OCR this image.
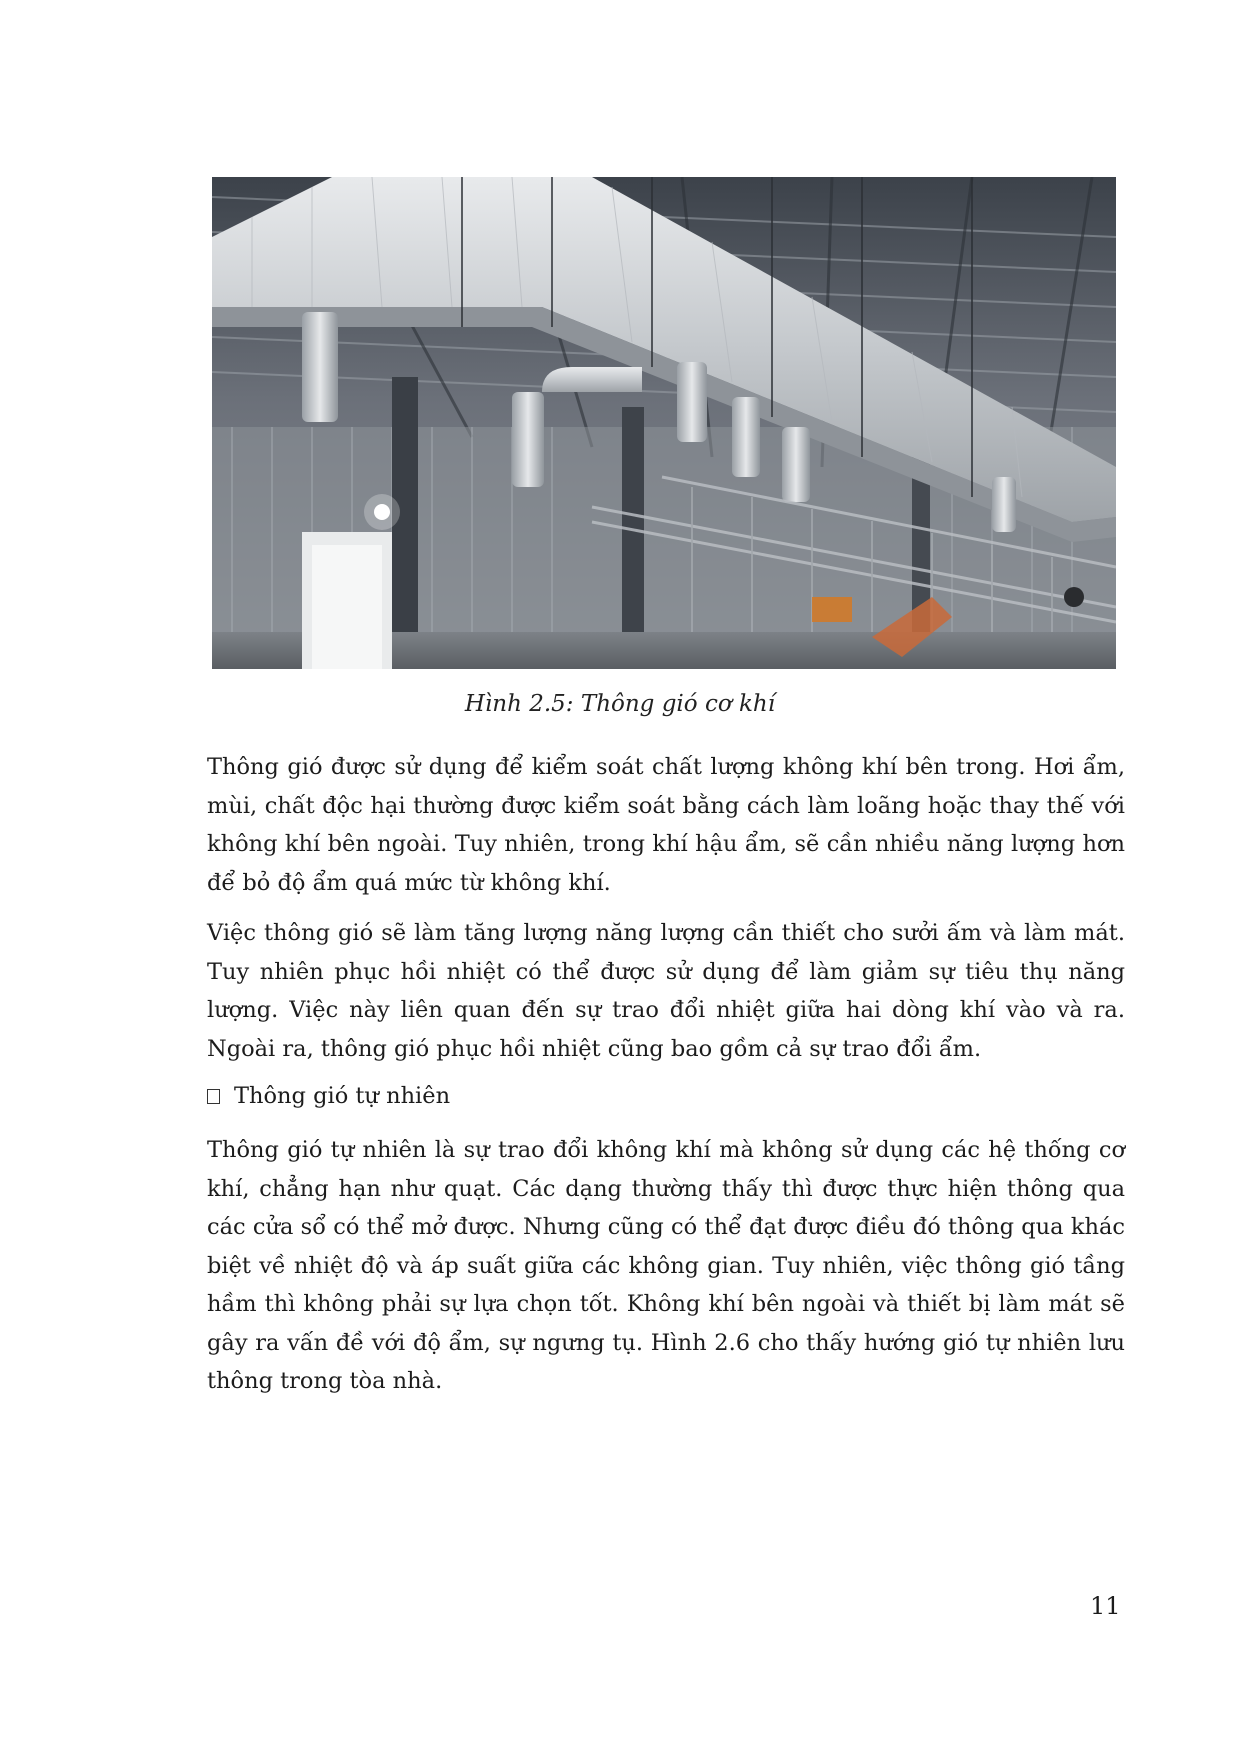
Hình 2.5: Thông gió cơ khí

Thông gió được sử dụng để kiểm soát chất lượng không khí bên trong. Hơi ẩm, mùi, chất độc hại thường được kiểm soát bằng cách làm loãng hoặc thay thế với không khí bên ngoài. Tuy nhiên, trong khí hậu ẩm, sẽ cần nhiều năng lượng hơn để bỏ độ ẩm quá mức từ không khí.

Việc thông gió sẽ làm tăng lượng năng lượng cần thiết cho sưởi ấm và làm mát. Tuy nhiên phục hồi nhiệt có thể được sử dụng để làm giảm sự tiêu thụ năng lượng. Việc này liên quan đến sự trao đổi nhiệt giữa hai dòng khí vào và ra. Ngoài ra, thông gió phục hồi nhiệt cũng bao gồm cả sự trao đổi ẩm.

Thông gió tự nhiên

Thông gió tự nhiên là sự trao đổi không khí mà không sử dụng các hệ thống cơ khí, chẳng hạn như quạt. Các dạng thường thấy thì được thực hiện thông qua các cửa sổ có thể mở được. Nhưng cũng có thể đạt được điều đó thông qua khác biệt về nhiệt độ và áp suất giữa các không gian. Tuy nhiên, việc thông gió tầng hầm thì không phải sự lựa chọn tốt. Không khí bên ngoài và thiết bị làm mát sẽ gây ra vấn đề với độ ẩm, sự ngưng tụ. Hình 2.6 cho thấy hướng gió tự nhiên lưu thông trong tòa nhà.

11
